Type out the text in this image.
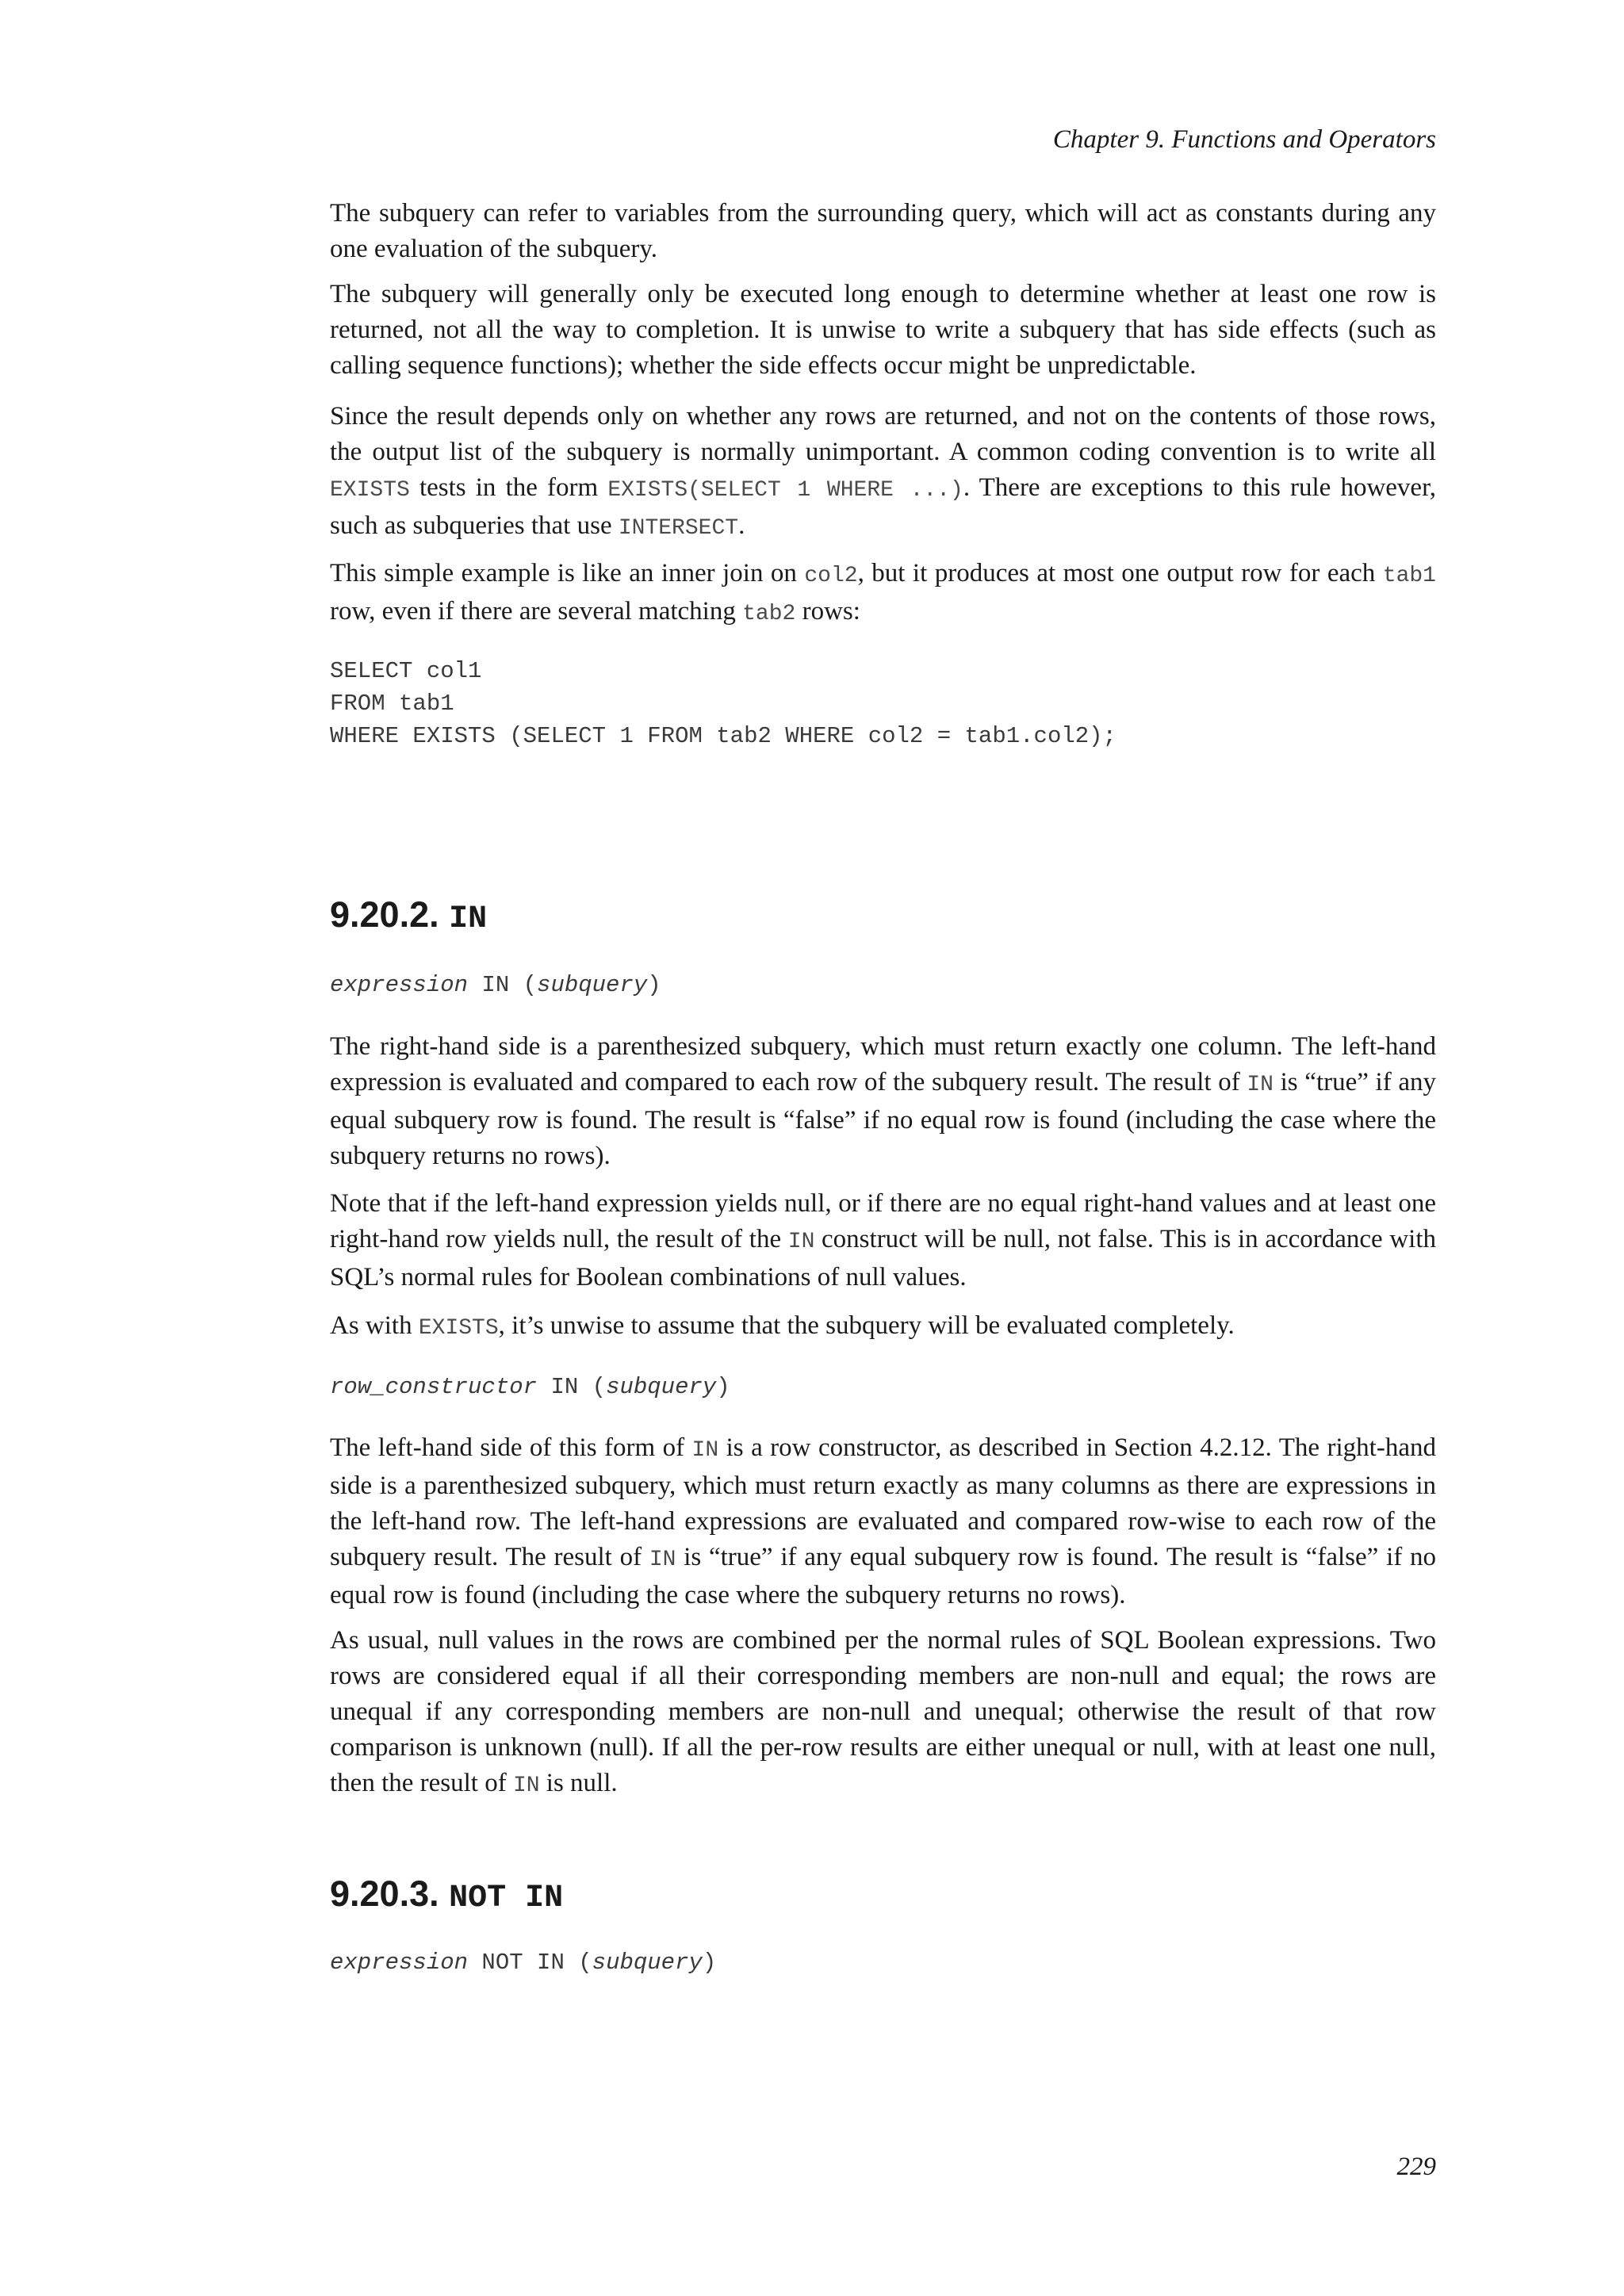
Chapter 9. Functions and Operators

The subquery can refer to variables from the surrounding query, which will act as constants during any one evaluation of the subquery.

The subquery will generally only be executed long enough to determine whether at least one row is returned, not all the way to completion. It is unwise to write a subquery that has side effects (such as calling sequence functions); whether the side effects occur might be unpredictable.

Since the result depends only on whether any rows are returned, and not on the contents of those rows, the output list of the subquery is normally unimportant. A common coding convention is to write all EXISTS tests in the form EXISTS(SELECT 1 WHERE ...). There are exceptions to this rule however, such as subqueries that use INTERSECT.

This simple example is like an inner join on col2, but it produces at most one output row for each tab1 row, even if there are several matching tab2 rows:

SELECT col1
FROM tab1
WHERE EXISTS (SELECT 1 FROM tab2 WHERE col2 = tab1.col2);
9.20.2. IN
expression IN (subquery)

The right-hand side is a parenthesized subquery, which must return exactly one column. The left-hand expression is evaluated and compared to each row of the subquery result. The result of IN is “true” if any equal subquery row is found. The result is “false” if no equal row is found (including the case where the subquery returns no rows).

Note that if the left-hand expression yields null, or if there are no equal right-hand values and at least one right-hand row yields null, the result of the IN construct will be null, not false. This is in accordance with SQL’s normal rules for Boolean combinations of null values.

As with EXISTS, it’s unwise to assume that the subquery will be evaluated completely.

row_constructor IN (subquery)

The left-hand side of this form of IN is a row constructor, as described in Section 4.2.12. The right-hand side is a parenthesized subquery, which must return exactly as many columns as there are expressions in the left-hand row. The left-hand expressions are evaluated and compared row-wise to each row of the subquery result. The result of IN is “true” if any equal subquery row is found. The result is “false” if no equal row is found (including the case where the subquery returns no rows).

As usual, null values in the rows are combined per the normal rules of SQL Boolean expressions. Two rows are considered equal if all their corresponding members are non-null and equal; the rows are unequal if any corresponding members are non-null and unequal; otherwise the result of that row comparison is unknown (null). If all the per-row results are either unequal or null, with at least one null, then the result of IN is null.

9.20.3. NOT IN
expression NOT IN (subquery)
229
